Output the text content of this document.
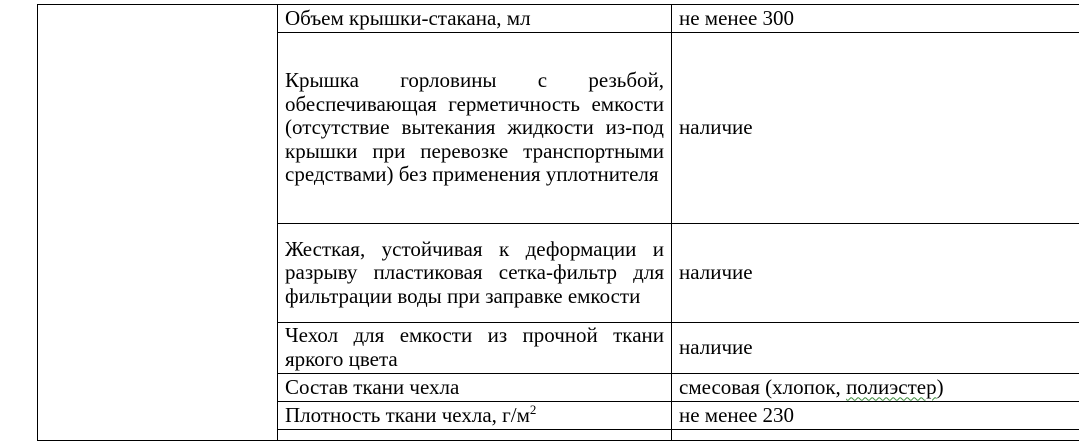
	Объем крышки-стакана, мл	не менее 300

	Крышка горловины с резьбой, обеспечивающая герметичность емкости (отсутствие вытекания жидкости из-под крышки при перевозке транспортными средствами) без применения уплотнителя	наличие

	Жесткая, устойчивая к деформации и разрыву пластиковая сетка-фильтр для фильтрации воды при заправке емкости	наличие

	Чехол для емкости из прочной ткани яркого цвета	наличие

	Состав ткани чехла	смесовая (хлопок, полиэстер)
	Плотность ткани чехла, $г/м^2$	не менее 230
